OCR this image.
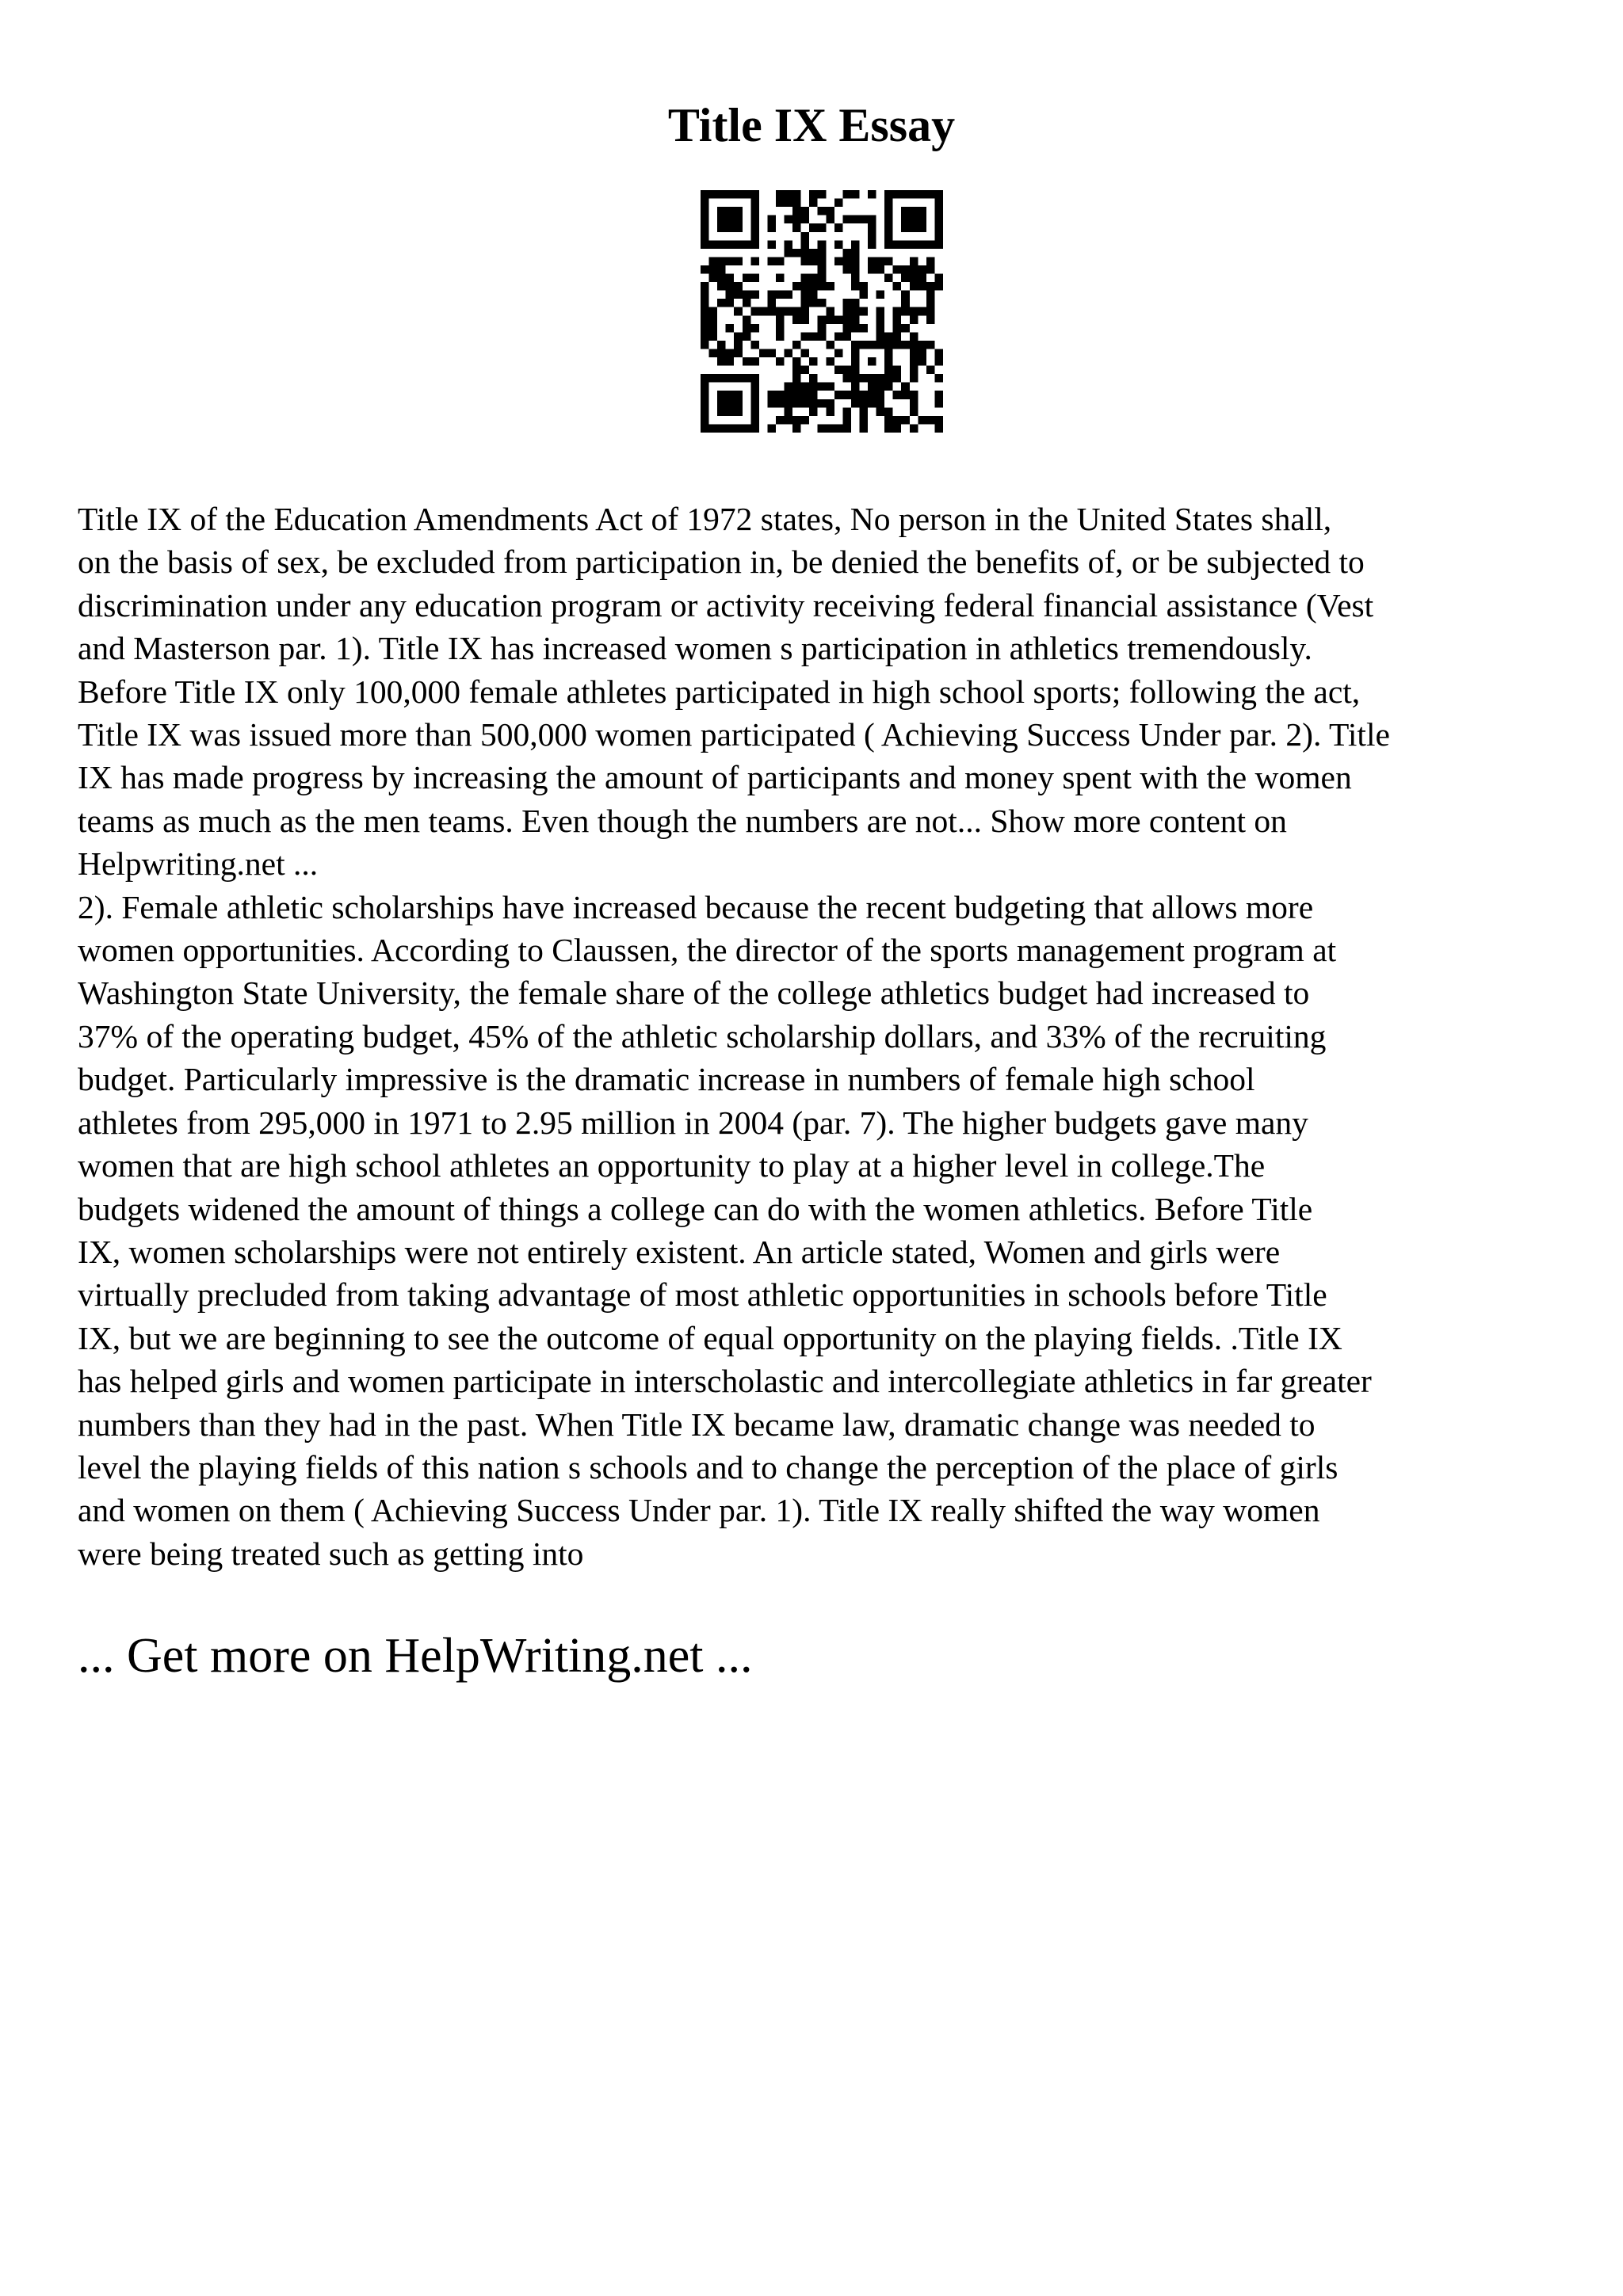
Title IX Essay
Title IX of the Education Amendments Act of 1972 states, No person in the United States shall,
on the basis of sex, be excluded from participation in, be denied the benefits of, or be subjected to
discrimination under any education program or activity receiving federal financial assistance (Vest
and Masterson par. 1). Title IX has increased women s participation in athletics tremendously.
Before Title IX only 100,000 female athletes participated in high school sports; following the act,
Title IX was issued more than 500,000 women participated ( Achieving Success Under par. 2). Title
IX has made progress by increasing the amount of participants and money spent with the women
teams as much as the men teams. Even though the numbers are not... Show more content on
Helpwriting.net ...
2). Female athletic scholarships have increased because the recent budgeting that allows more
women opportunities. According to Claussen, the director of the sports management program at
Washington State University, the female share of the college athletics budget had increased to
37% of the operating budget, 45% of the athletic scholarship dollars, and 33% of the recruiting
budget. Particularly impressive is the dramatic increase in numbers of female high school
athletes from 295,000 in 1971 to 2.95 million in 2004 (par. 7). The higher budgets gave many
women that are high school athletes an opportunity to play at a higher level in college.The
budgets widened the amount of things a college can do with the women athletics. Before Title
IX, women scholarships were not entirely existent. An article stated, Women and girls were
virtually precluded from taking advantage of most athletic opportunities in schools before Title
IX, but we are beginning to see the outcome of equal opportunity on the playing fields. .Title IX
has helped girls and women participate in interscholastic and intercollegiate athletics in far greater
numbers than they had in the past. When Title IX became law, dramatic change was needed to
level the playing fields of this nation s schools and to change the perception of the place of girls
and women on them ( Achieving Success Under par. 1). Title IX really shifted the way women
were being treated such as getting into
... Get more on HelpWriting.net ...
